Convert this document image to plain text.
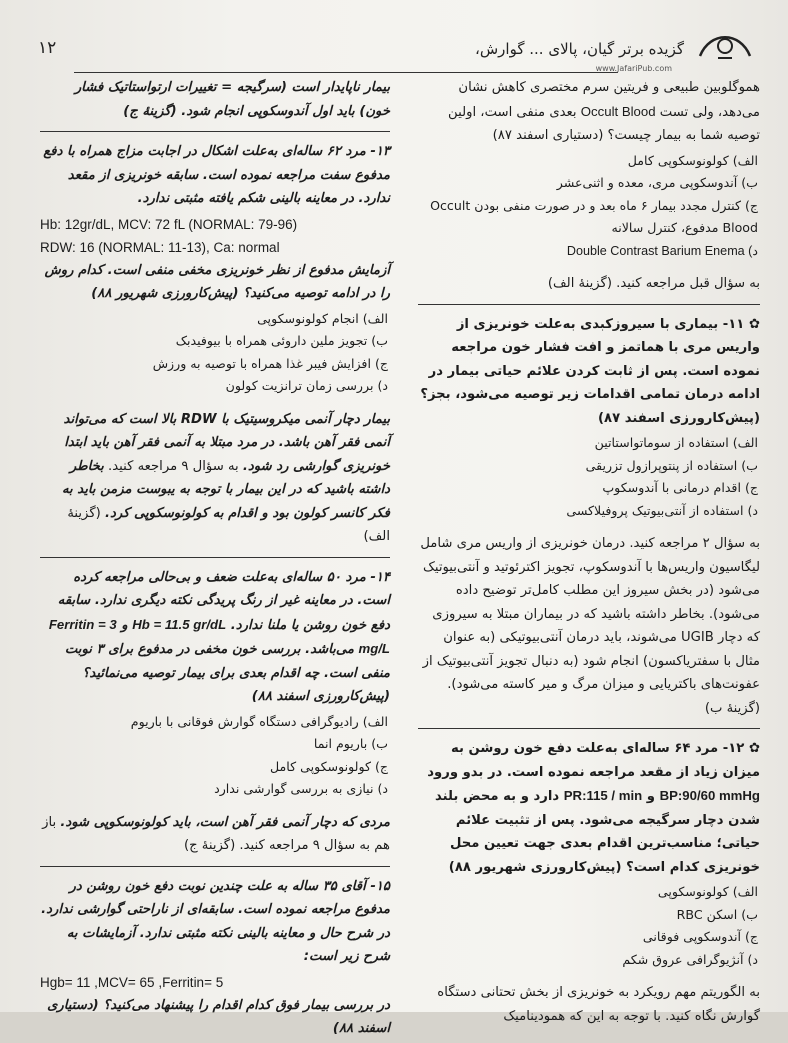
۱۲	گزیده برتر گیان، پالای ... گوارش،
www.JafariPub.com

هموگلوبین طبیعی و فریتین سرم مختصری کاهش نشان می‌دهد، ولی تست Occult Blood بعدی منفی است، اولین توصیه شما به بیمار چیست؟ (دستیاری اسفند ۸۷)

الف) کولونوسکوپی کامل

ب) آندوسکوپی مری، معده و اثنی‌عشر

ج) کنترل مجدد بیمار ۶ ماه بعد و در صورت منفی بودن Occult Blood مدفوع، کنترل سالانه

Double Contrast Barium Enema (د

به سؤال قبل مراجعه کنید. (گزینهٔ الف)

✿ ۱۱- بیماری با سیروزکبدی به‌علت خونریزی از واریس مری با هماتمز و افت فشار خون مراجعه نموده است. پس از ثابت کردن علائم حیاتی بیمار در ادامه درمان تمامی اقدامات زیر توصیه می‌شود، بجز؟ (پیش‌کارورزی اسفند ۸۷)

الف) استفاده از سوماتواستاتین

ب) استفاده از پنتوپرازول تزریقی

ج) اقدام درمانی با آندوسکوپ

د) استفاده از آنتی‌بیوتیک پروفیلاکسی

به سؤال ۲ مراجعه کنید. درمان خونریزی از واریس مری شامل لیگاسیون واریس‌ها با آندوسکوپ، تجویز اکتر‌ئوتید و آنتی‌بیوتیک می‌شود (در بخش سیروز این مطلب کامل‌تر توضیح داده می‌شود). بخاطر داشته باشید که در بیماران مبتلا به سیروزی که دچار UGIB می‌شوند، باید درمان آنتی‌بیوتیکی (به عنوان مثال با سفتریاکسون) انجام شود (به دنبال تجویز آنتی‌بیوتیک از عفونت‌های باکتریایی و میزان مرگ و میر کاسته می‌شود). (گزینهٔ ب)

✿ ۱۲- مرد ۶۴ ساله‌ای به‌علت دفع خون روشن به میزان زیاد از مقعد مراجعه نموده است. در بدو ورود BP:90/60 mmHg و PR:115 / min دارد و به محض بلند شدن دچار سرگیجه می‌شود. پس از تثبیت علائم حیاتی؛ مناسب‌ترین اقدام بعدی جهت تعیین محل خونریزی کدام است؟ (پیش‌کارورزی شهریور ۸۸)

الف) کولونوسکوپی

ب) اسکن RBC

ج) آندوسکوپی فوقانی

د) آنژیوگرافی عروق شکم

به الگوریتم مهم رویکرد به خونریزی از بخش تحتانی دستگاه گوارش نگاه کنید. با توجه به این که همودینامیک

بیمار ناپایدار است (سرگیجه = تغییرات ارتواستاتیک فشار خون) باید اول آندوسکوپی انجام شود. (گزینهٔ ج)

۱۳- مرد ۶۲ ساله‌ای به‌علت اشکال در اجابت مزاج همراه با دفع مدفوع سفت مراجعه نموده است. سابقه خونریزی از مقعد ندارد. در معاینه بالینی شکم یافته مثبتی ندارد.

Hb: 12gr/dL, MCV: 72 fL (NORMAL: 79-96)

RDW: 16 (NORMAL: 11-13), Ca: normal

آزمایش مدفوع از نظر خونریزی مخفی منفی است. کدام روش را در ادامه توصیه می‌کنید؟ (پیش‌کارورزی شهریور ۸۸)

الف) انجام کولونوسکوپی

ب) تجویز ملین داروئی همراه با بیوفیدبک

ج) افزایش فیبر غذا همراه با توصیه به ورزش

د) بررسی زمان ترانزیت کولون

بیمار دچار آنمی میکروسیتیک با RDW بالا است که می‌تواند آنمی فقر آهن باشد. در مرد مبتلا به آنمی فقر آهن باید ابتدا خونریزی گوارشی رد شود. به سؤال ۹ مراجعه کنید. بخاطر داشته باشید که در این بیمار با توجه به یبوست مزمن باید به فکر کانسر کولون بود و اقدام به کولونوسکوپی کرد. (گزینهٔ الف)

۱۴- مرد ۵۰ ساله‌ای به‌علت ضعف و بی‌حالی مراجعه کرده است. در معاینه غیر از رنگ پریدگی نکته دیگری ندارد. سابقه دفع خون روشن یا ملنا ندارد. Hb = 11.5 gr/dL و Ferritin = 3 mg/L می‌باشد. بررسی خون مخفی در مدفوع برای ۳ نوبت منفی است. چه اقدام بعدی برای بیمار توصیه می‌نمائید؟ (پیش‌کارورزی اسفند ۸۸)

الف) رادیوگرافی دستگاه گوارش فوقانی با باریوم

ب) باریوم انما

ج) کولونوسکوپی کامل

د) نیازی به بررسی گوارشی ندارد

مردی که دچار آنمی فقر آهن است، باید کولونوسکوپی شود. باز هم به سؤال ۹ مراجعه کنید. (گزینهٔ ج)

۱۵- آقای ۳۵ ساله به علت چندین نوبت دفع خون روشن در مدفوع مراجعه نموده است. سابقه‌ای از ناراحتی گوارشی ندارد. در شرح حال و معاینه بالینی نکته مثبتی ندارد. آزمایشات به شرح زیر است:

Hgb= 11 ,MCV= 65 ,Ferritin= 5

در بررسی بیمار فوق کدام اقدام را پیشنهاد می‌کنید؟ (دستیاری اسفند ۸۸)
